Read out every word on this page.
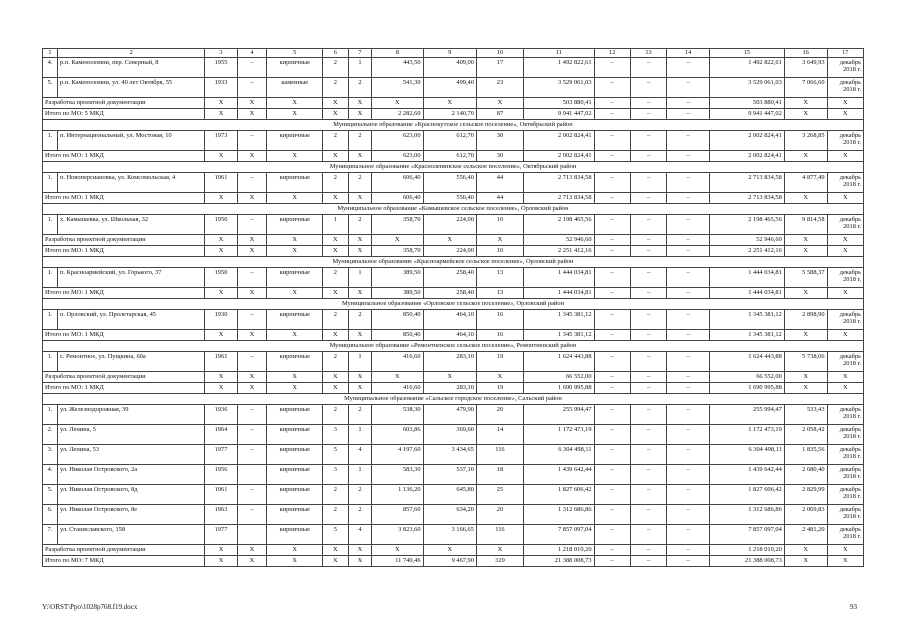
1	2	3	4	5	6	7	8	9	10	11	12	13	14	15	16	17
4.	р.п. Каменоломни, пер. Северный, 8	1955	–	кирпичные	2	1	443,50	409,00	17	1 492 822,61	–	–	–	1 492 822,61	3 649,93	декабрь 2018 г.
5.	р.п. Каменоломни, ул. 40 лет Октября, 55	1933	–	каменные	2	2	541,30	499,40	23	3 529 061,03	–	–	–	3 529 061,03	7 066,60	декабрь 2018 г.
Разработка проектной документации		X	X	X	X	X	X	X	X	503 880,41	–	–	–	503 880,41	X	X
Итого по МО: 5 МКД		X	X	X	X	X	2 282,60	2 140,70	87	9 941 447,02	–	–	–	9 941 447,02	X	X
Муниципальное образование «Краснокутское сельское поселение», Октябрьский район																
1.	п. Интернациональный, ул. Мостовая, 10	1973	–	кирпичные	2	2	623,00	612,70	30	2 002 824,41	–	–	–	2 002 824,41	3 268,85	декабрь 2018 г.
Итого по МО: 1 МКД		X	X	X	X	X	623,00	612,70	30	2 002 824,41	–	–	–	2 002 824,41	X	X
Муниципальное образование «Красноленинское сельское поселение», Октябрьский район																
1.	п. Новоперсиановка, ул. Комсомольская, 4	1961	–	кирпичные	2	2	606,40	556,40	44	2 713 834,58	–	–	–	2 713 834,58	4 877,49	декабрь 2018 г.
Итого по МО: 1 МКД		X	X	X	X	X	606,40	556,40	44	2 713 834,58	–	–	–	2 713 834,58	X	X
Муниципальное образование «Камышевское сельское поселение», Орловский район																
1.	х. Камышевка, ул. Школьная, 32	1950	–	кирпичные	1	2	358,70	224,00	10	2 198 465,56	–	–	–	2 198 465,56	9 814,58	декабрь 2018 г.
Разработка проектной документации		X	X	X	X	X	X	X	X	52 946,60	–	–	–	52 946,60	X	X
Итого по МО: 1 МКД		X	X	X	X	X	358,70	224,00	10	2 251 412,16	–	–	–	2 251 412,16	X	X
Муниципальное образование «Красноармейское сельское поселение», Орловский район																
1.	п. Красноармейский, ул. Горького, 37	1950	–	кирпичные	2	1	389,50	258,40	13	1 444 034,81	–	–	–	1 444 034,81	5 588,37	декабрь 2018 г.
Итого по МО: 1 МКД		X	X	X	X	X	389,50	258,40	13	1 444 034,81	–	–	–	1 444 034,81	X	X
Муниципальное образование «Орловское сельское поселение», Орловский район																
1.	п. Орловский, ул. Пролетарская, 45	1930	–	кирпичные	2	2	850,40	464,10	16	1 345 381,12	–	–	–	1 345 381,12	2 898,90	декабрь 2018 г.
Итого по МО: 1 МКД		X	X	X	X	X	850,40	464,10	16	1 345 381,12	–	–	–	1 345 381,12	X	X
Муниципальное образование «Ремонтненское сельское поселение», Ремонтненский район																
1.	с. Ремонтное, ул. Пущкина, 60а	1961	–	кирпичные	2	1	416,60	283,10	19	1 624 443,88	–	–	–	1 624 443,88	5 738,06	декабрь 2018 г.
Разработка проектной документации		X	X	X	X	X	X	X	X	66 552,00	–	–	–	66 552,00	X	X
Итого по МО: 1 МКД		X	X	X	X	X	416,60	283,10	19	1 690 995,88	–	–	–	1 690 995,88	X	X
Муниципальное образование «Сальское городское поселение», Сальский район																
1.	ул. Железнодорожная, 39	1936	–	кирпичные	2	2	538,30	479,90	20	255 994,47	–	–	–	255 994,47	533,43	декабрь 2018 г.
2.	ул. Ленина, 5	1964	–	кирпичные	3	1	603,86	369,60	14	1 172 473,19	–	–	–	1 172 473,19	2 058,42	декабрь 2018 г.
3.	ул. Ленина, 53	1977	–	кирпичные	5	4	4 197,60	3 434,65	116	6 304 498,11	–	–	–	6 304 498,11	1 835,56	декабрь 2018 г.
4.	ул. Николая Островского, 2а	1956		кирпичные	3	1	583,30	537,10	18	1 439 642,44	–	–	–	1 439 642,44	2 680,40	декабрь 2018 г.
5.	ул. Николая Островского, 8д	1961	–	кирпичные	2	2	1 136,20	645,80	25	1 827 606,42	–	–	–	1 827 606,42	2 829,99	декабрь 2018 г.
6.	ул. Николая Островского, 8е	1963	–	кирпичные	2	2	857,60	634,20	20	1 312 686,86	–	–	–	1 312 686,86	2 069,83	декабрь 2018 г.
7.	ул. Станиславского, 158	1977		кирпичные	5	4	3 823,60	3 166,65	116	7 857 097,04	–	–	–	7 857 097,04	2 481,20	декабрь 2018 г.
Разработка проектной документации		X	X	X	X	X	X	X	X	1 218 010,20	–	–	–	1 218 010,20	X	X
Итого по МО: 7 МКД		X	X	X	X	X	11 740,46	9 467,90	329	21 388 008,73	–	–	–	21 388 008,73	X	X
Y:\ORST\Ppo\1028p768.f19.docx	93
